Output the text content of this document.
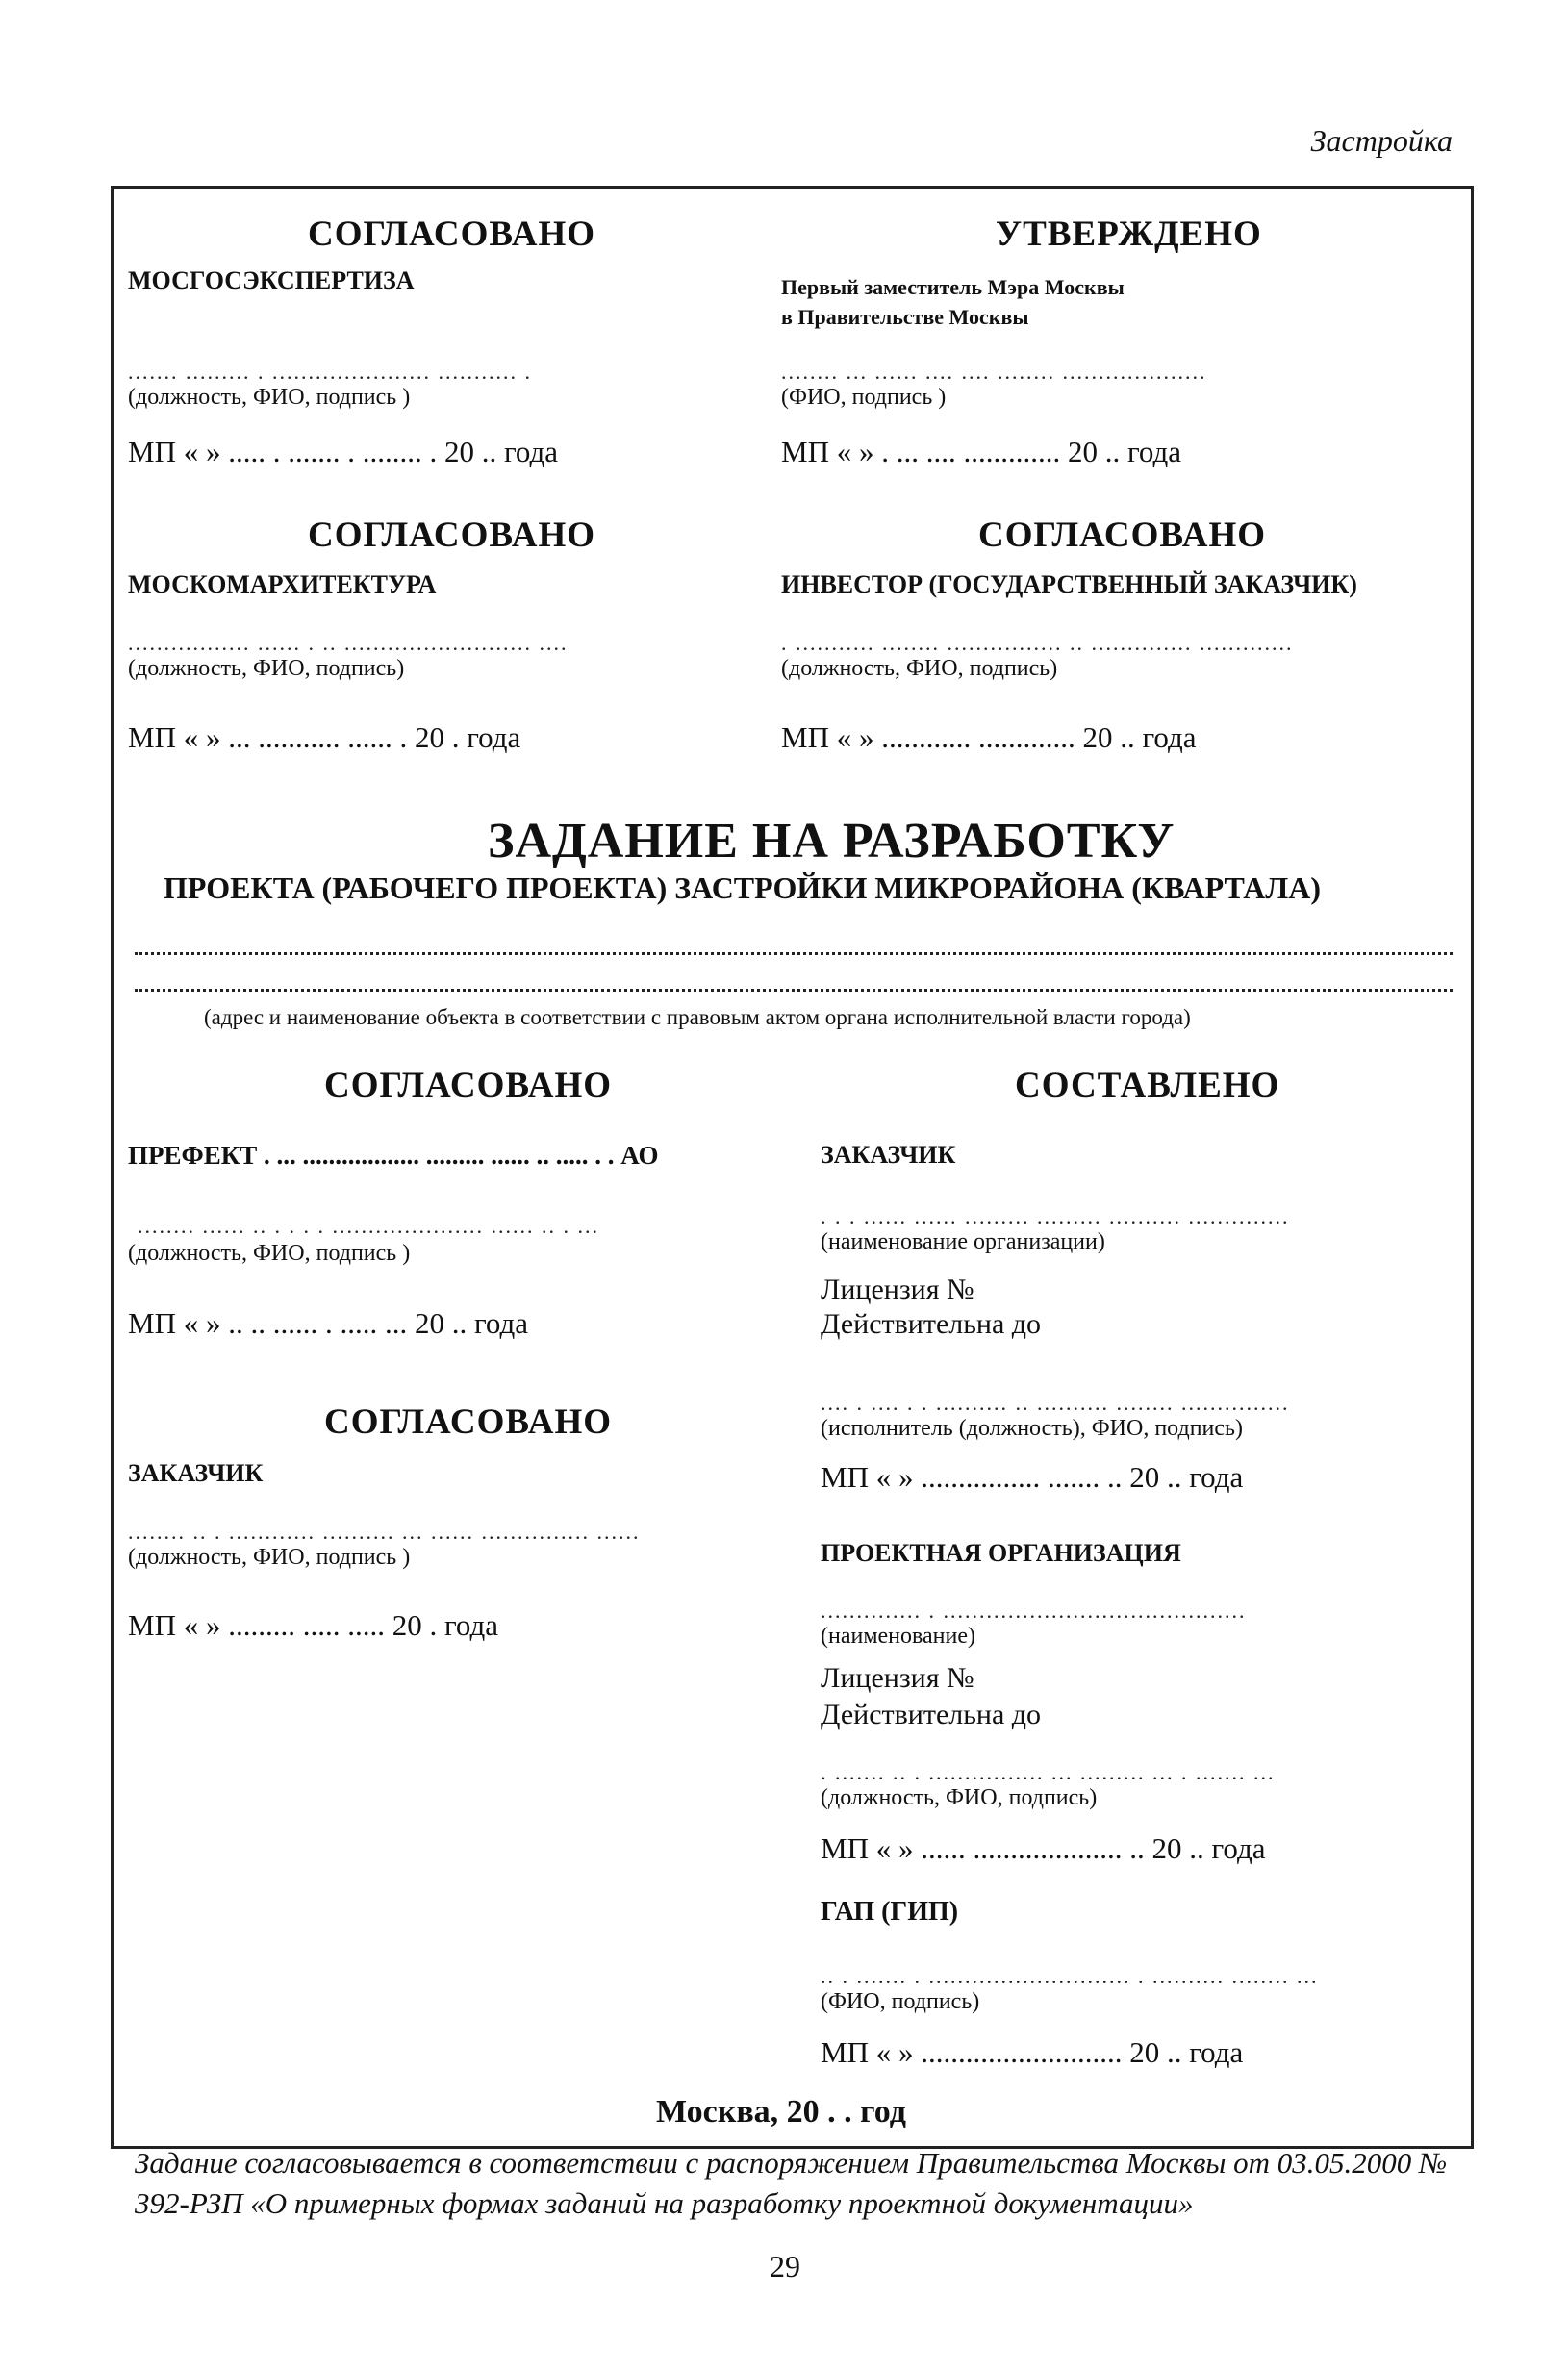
Застройка
СОГЛАСОВАНО
МОСГОСЭКСПЕРТИЗА
....... ......... . ...................... ........... .
(должность, ФИО, подпись )
МП « » ..... . ....... . ........ . 20 .. года
УТВЕРЖДЕНО
Первый заместитель Мэра Москвы
в Правительстве Москвы
........ ... ...... .... .... ........ ....................
(ФИО, подпись )
МП « » . ... .... ............. 20 .. года
СОГЛАСОВАНО
МОСКОМАРХИТЕКТУРА
................. ...... . .. .......................... ....
(должность, ФИО, подпись)
МП « » ... ........... ...... . 20 . года
СОГЛАСОВАНО
ИНВЕСТОР (ГОСУДАРСТВЕННЫЙ ЗАКАЗЧИК)
. ........... ........ ................ .. .............. .............
(должность, ФИО, подпись)
МП « » ............ ............. 20 .. года
ЗАДАНИЕ НА РАЗРАБОТКУ
ПРОЕКТА (РАБОЧЕГО ПРОЕКТА) ЗАСТРОЙКИ МИКРОРАЙОНА (КВАРТАЛА)
(адрес и наименование объекта в соответствии с правовым актом органа исполнительной власти города)
СОГЛАСОВАНО
ПРЕФЕКТ . ... .................. ......... ...... .. ..... . . АО
........ ...... .. . . . . ..................... ...... .. . ...
(должность, ФИО, подпись )
МП « » .. .. ...... . ..... ... 20 .. года
СОГЛАСОВАНО
ЗАКАЗЧИК
........ .. . ............ .......... ... ...... ............... ......
(должность, ФИО, подпись )
МП « » ......... ..... ..... 20 . года
СОСТАВЛЕНО
ЗАКАЗЧИК
. . . ...... ...... ......... ......... .......... ..............
(наименование организации)
Лицензия №
Действительна до
.... . .... . . .......... .. .......... ........ ...............
(исполнитель (должность), ФИО, подпись)
МП « » ................ ....... .. 20 .. года
ПРОЕКТНАЯ ОРГАНИЗАЦИЯ
.............. . ..........................................
(наименование)
Лицензия №
Действительна до
. ....... .. . ................ ... ......... ... . ....... ...
(должность, ФИО, подпись)
МП « » ...... .................... .. 20 .. года
ГАП (ГИП)
.. . ....... . ............................ . .......... ........ ...
(ФИО, подпись)
МП « » ........................... 20 .. года
Москва, 20 . . год
Задание согласовывается в соответствии с распоряжением Правительства Москвы от 03.05.2000 № 392-РЗП «О примерных формах заданий на разработку проектной документации»
29
